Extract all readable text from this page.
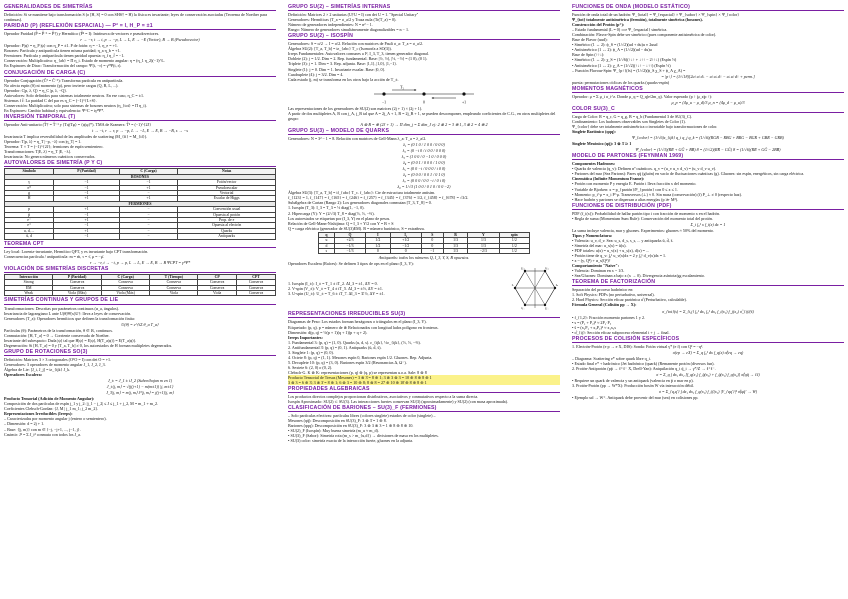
GENERALIDADES DE SIMETRÍAS

Definición: Si se mantiene bajo transformación S (o [H, S] = 0 con SHS† = H) la física es invariante; leyes de conservación asociadas (Teorema de Noether para continuas).

PARIDAD (P) (REFLEXIÓN ESPACIAL) — P² = I, Η_P = ±1

Operador Paridad (P̂ = P̂⁻¹ = P̂†) y Hermítico (P̂² = I): Intrínseca de vectores e pseudovectores.

r → −r, t → t, p → −p, L → L, E → −E (Vector), B → B (Pseudovector)

Operador: P|ψ⟩ = η_P |ψ⟩ con η_P = ±1. P de fotón: η = −1, η_e = +1.

Bosones: Partícula y antipartícula tienen misma paridad; η_a η_b = +1.

Fermiones: Partícula y antipartícula tienen paridad opuesta: η_f η_f̄ = −1.

Conservación: Multiplicativa: η_{ab} = Π η_i. Estado de momento angular: η = (η_1 η_2)(−1)^L.

En Espinores de Dirac: Transformación del campo: Ψ'(t, −r) = γ⁰Ψ(t, r).

CONJUGACIÓN DE CARGA (C)

Operador Conjugación (Ĉ² = Ĉ⁻¹): Transforma partícula en antipartícula.

No afecta espín (S) ni momento (p), pero invierte cargas (Q, B, L, ...).

Operador: C|p, λ, Q⟩ = η_C |p, λ, −Q⟩.

Autovalores: Solo definidos para sistemas totalmente neutros. En ese caso, η_C = ±1.

Sistemas f f̄: La paridad C del par es η_C = (−1)^{L+S}.

Conservación: Multiplicativa; solo para sistemas de bosones neutros (η_{tot} = Π η_i).

En Espinores: Cambio habitual y equivalencia: Ψ^C = iγ²Ψ*.

INVERSIÓN TEMPORAL (T)

Operador Anti-unitario (T̂† = T̂⁻¹ y ⟨Tψ|Tφ⟩ = ⟨ψ|φ⟩*). TMA de Kramers: T̂² = (−1)^{2J}

t → −t, r → r, p → −p, L → −L, E → E, B → −B, s → −s

Invariancia T implica reversibilidad de las amplitudes de scattering (M_{fi} = M_{if}).

Operador: T|p, λ⟩ = η_T |−p, −λ⟩ con |η_T| = 1.

Teorema: T × T = (−1)^{2J}; fermiones de espín semientero.

Transformaciones: T|E, λ⟩ = η_T |E, −λ⟩.

Invariancia: No genera números cuánticos conservados.

AUTOVALORES DE SIMETRÍA (P Y C)
Símbolo	P (Paridad)	C (Carga)	Notas
BOSONES			
γ	−1	−1	Fotón/vector
π⁰	−1	+1	Pseudoescalar
g	−1	−	Vectorial
H	+1	+1	Escalar de Higgs
FERMIONES			
p	+1	−	Convención usual
p̄	−1	−	Opuesta al protón
e⁻	+1	−	Prop. de e
e⁺	−1	−	Opuesta al electrón
u, d, ...	+1	−	Quarks
ū, d̄	−1	−	Antiquarks
TEOREMA CPT

Ley local: Lorentz-invariante, Hermítico QFT, y es invariante bajo CPT transformación.

Consecuencias partícula / antipartícula: m = m̄, τ = τ̄, μ = −μ̄.

r → −r, t → −t, p → p, L → L, E → E, B → B ΨCPT = γ⁵Ψ*

VIOLACIÓN DE SIMETRÍAS DISCRETAS
Interacción	P (Paridad)	C (Carga)	T (Tiempo)	CP	CPT
Strong	Conserva	Conserva	Conserva	Conserva	Conserva
EM	Conserva	Conserva	Conserva	Conserva	Conserva
Weak	Viola (Máx)	Viola (Máx)	Viola	Viola	Conserva
SIMETRÍAS CONTINUAS Y GRUPOS DE LIE

Transformaciones: Descritas por parámetros continuos (α_a, ángulos).

Invariancia de lagrangiano L ante U(θ)Ψ(x)U†: lleva a leyes de conservación.

Generadores (T_a): Operadores hermíticos que definen la transformación finita:

U(θ) = e^{iΣ θ_a T_a}

Partículas (θ): Parámetros de la transformación, θ ∈ ℝ, continuos.

Conmutación: [H, T_a] = 0 → Corriente conservada de Noether.

Invariante del subespacio: Dada |ψ⟩ tal que H|ψ⟩ = E|ψ⟩, H(T_a|ψ⟩) = E(T_a|ψ⟩).

Degeneración: Si [H, T_a] = 0 y [T_a, T_b] ≠ 0, los autoestados de H forman multipletes degenerados.

GRUPO DE ROTACIONES SO(3)

Definición: Matrices 3 × 3 ortogonales (OᵀO = I) con det O = +1.

Generadores: 3 operadores de momento angular J_1, J_2, J_3.

Álgebra de Lie: [J_i, J_j] = iε_{ijk} J_k.

Operadores Escalera:

J_± = J_1 ± iJ_2 (Suben/bajan m en 1)

J_±|j, m⟩ = √(j(j+1) − m(m±1)) |j, m±1⟩

J_3|j, m⟩ = m|j, m⟩ J²|j, m⟩ = j(j+1)|j, m⟩

Producto Tensorial (Adición de Momento Angular):

Composición de dos partículas de espín j_1 y j_2: |j_1 − j_2| ≤ J ≤ j_1 + j_2, M = m_1 + m_2.

Coeficientes Clebsch-Gordan: ⟨J, M | j_1 m_1; j_2 m_2⟩.

Representaciones Irreducibles (Irreps):

– Caracterizadas por momento angular j (entero o semientero).

– Dimensión: d = 2j + 1.

– Base: {|j, m⟩} con m ∈ {−j, −j+1, ..., j−1, j}.

Casimir: J² = Σ J_i² conmuta con todos los J_a.

GRUPO SU(2) – SIMETRÍAS INTERNAS

Definición: Matrices 2 × 2 unitarias (U†U = I) con det U = 1. "Special Unitary"

Generadores: Hermíticas (T_a = σ_a/2 y Traza nula (Tr(T_a) = 0).

Número de generadores independientes: N = n² − 1.

Rango: Número de generadores simultáneamente diagonalizables = n − 1.

GRUPO SU(2) – ISOSPÍN

Generadores: S = σ/2 → I = σ/2. Relación con matrices de Pauli σ_a: T_a = σ_a/2.

Álgebra SU(2): [T_a, T_b] = iε_{abc} T_c (Isomorfa a SO(3)).

Irreps Fundamentales: Autovalores comunes a I², I_3, T_3, tienen generador diagonal.

Doblete (2): j = 1/2. Dim = 2. Rep. fundamental. Base: |½, ½⟩, |½, −½⟩ = (1 0), (0 1).

Triplete (3): j = 1. Dim = 3. Rep. adjunta. Base: |1,1⟩, |1,0⟩, |1,−1⟩.

Singlete (1): j = 0. Dim = 1. Invariante escalar. Base: |0, 0⟩.

Cuadruplete (4): j = 3/2. Dim = 4.

Cada estado (j, m) se transforma en los otros bajo la acción de T_±.

T₃
−1	0	+1

Las representaciones de los generadores de SU(2) son matrices (2j + 1) × (2j + 1).

A partir de dos multipletes A, B con j_A, j_B tal que A = 2j_A + 1, B = 2j_B + 1, se pueden descomponer, empleando coeficientes de C.G., en otros multipletes del grupo:

A ⊗ B = ⊕ (2J + 1) → Π dim_j = Σ dim_J ej: 2 ⊗ 2 = 3 ⊕ 1, 3 ⊗ 2 = 4 ⊕ 2

GRUPO SU(3) – MODELO DE QUARKS

Generadores: N = 3² − 1 = 8. Relación con matrices de Gell-Mann λ_a: T_a = λ_a/2.

λ₁ = (0 1 0 / 1 0 0 / 0 0 0)

λ₂ = (0 −i 0 / i 0 0 / 0 0 0)

λ₃ = (1 0 0 / 0 −1 0 / 0 0 0)

λ₄ = (0 0 1 / 0 0 0 / 1 0 0)

λ₅ = (0 0 −i / 0 0 0 / i 0 0)

λ₆ = (0 0 0 / 0 0 1 / 0 1 0)

λ₇ = (0 0 0 / 0 0 −i / 0 i 0)

λ₈ = 1/√3 (1 0 0 / 0 1 0 / 0 0 −2)

Álgebra SU(3): [T_a, T_b] = if_{abc} T_c. f_{abc}: Cte de estructura totalmente antisim.

f_{123} = 1, f_{147} = f_{165} = f_{246} = f_{257} = f_{345} = f_{376} = 1/2, f_{458} = f_{678} = √3/2.

Subálgebra de Cartan (Rango 2): Los generadores diagonales conmutan [T_3, T_8] = 0.

1. Isospín (T_3): I_3 = T_3 = ½ diag(1, −1, 0).

2. Hipercarga (Y): Y = (2/√3) T_8 = diag(⅓, ⅓, −⅔).

Los autoestados se etiquetan por (I_3, Y) en el plano de pesos.

Relación de Gell-Mann-Nishijima: Q = I_3 + Y/2 con Y = B + S

Q = carga eléctrica (generador de SU(3)EM). B = número bariónico, S = extrañeza.

q	Q	I	I₃	S	B	Y	spin
u	+2/3	1/2	+1/2	0	1/3	1/3	1/2
d	−1/3	1/2	−1/2	0	1/3	1/3	1/2
s	−1/3	0	0	−1	1/3	−2/3	1/2

Antiquarks: todos los números Q, I_3, Y, S, B opuestos.

Operadores Escalera (Raíces): Se definen 3 tipos de ops en el plano (I_3, Y):

1. Isospín (I_±): I_± = T_1 ± iT_2. ΔI_3 = ±1, ΔY = 0.

2. V-spin (V_±): V_± = T_4 ± iT_5. ΔI_3 = ±½, ΔY = ±1.

3. U-spin (U_±): U_± = T_6 ± iT_7. ΔI_3 = ∓½, ΔY = ±1.

U₊	V₊
I₋	I₊
V₋	U₋
REPRESENTACIONES IRREDUCIBLES SU(3)

Diagramas de Peso: Los estados forman hexágonos o triángulos en el plano (I_3, Y).

Etiquetado: (p, q). p = número de ⊗ Relacionados con longitud lados polígono en fronteras.

Dimensión: d(p, q) = ½(p + 1)(q + 1)(p + q + 2).

Irreps Importantes:

1. Fundamental 3: (p, q) = (1, 0). Quarks (u, d, s). ε_{ijk}, ½ε_{ijk}, (⅓, ⅓, −⅔).

2. Antifundamental 3̄: (p, q) = (0, 1). Antiquarks (ū, d̄, s̄).

3. Singlete 1: (p, q) = (0, 0).

4. Octete 8: (p, q) = (1, 1). Mesones espín 0, Bariones espín 1/2. Gluones. Rep. Adjunta.

5. Decuplete 10: (p, q) = (3, 0). Bariones espín 3/2 (Resonancias Δ, Ω⁻).

6. Sextete 6: (2, 0) o (0, 2).

Clebsch-G. K ⊗ K: representaciones (p, q) ⊗ (q, p) se representan u.o.a. Sale: 8 ⊗ 8

Producto Tensorial de Tresas (Mesones) = 3 ⊗ 3̄ = 8 ⊕ 1; 3 ⊗ 3 ⊗ 3 = 10 ⊕ 8 ⊕ 8 ⊕ 1

3 ⊗ 3 = 6 ⊕ 3̄; 3 ⊗ 3̄ = 8 ⊕ 1; 6 ⊗ 3 = 10 ⊕ 8; 8 ⊗ 8 = 27 ⊕ 10 ⊕ 10̄ ⊕ 8 ⊕ 8 ⊕ 1

PROPIEDADES ALGEBRAICAS

Los productos directos complejos proporcionan distributivos, asociativos y conmutativos respecto a la suma directa.

Isospín Aproximado: SU(2) ⊂ SU(3). Las interacciones fuertes conservan SU(3) (aproximadamente) y SU(2) (con masa aproximada).

CLASIFICACIÓN DE BARIONES – SU(3)_F (FERMIONES)

– Solo partículas efectivas: partículas libres (colores singlete) estados de color (singlete) –

Mesones (qq̄): Descomposición en SU(3)_F: 3 ⊗ 3̄ = 1 ⊕ 8.

Bariones (qqq): Descomposición en SU(3)_F: 3 ⊗ 3 ⊗ 3 = 1 ⊕ 8 ⊕ 8 ⊕ 10.

• SU(2)_F (Isospín): Muy buena simetría (m_u ≈ m_d).

• SU(3)_F (Sabor): Simetría rota (m_s > m_{u,d}) → divisiones de masa en los multipletes.

• SU(3) color: simetría exacta de la interacción fuerte, gluones en la adjunta.

FUNCIONES DE ONDA (MODELO ESTÁTICO)

Función de onda total de un hadrón: Ψ_{total} = Ψ_{espacial} × Ψ_{sabor} × Ψ_{spin} × Ψ_{color}

Ψ_{tot} totalmente antisimétrica (fermión), totalmente simétrica (bosones).

Construcción del Protón (p⁺):

– Estado fundamental (L = 0) ⟹ Ψ_{espacial} simétrica.

Combinación: Flavor-Spin debe ser simétrico (pues componente antisimétrica de color).

Base de Flavor (uud):

• Simétrico (1 ↔ 2): ϕ_S = (1/√2)(ud + du)u ≡ 2uud

• Antisimétrico (1 ↔ 2): ϕ_A = (1/√2)(ud − du)u

Base de Spin (↑↑↓):

• Simétrico (1 ↔ 2): χ_S = (1/√6)(↑↓↑ + ↓↑↑ − 2↑↑↓) (Espín ½)

• Antisimétrico (1 ↔ 2): χ_A = (1/√2)(↑↓↑ − ↓↑↑) (Espín ½)

– Función Flavour-Spin: Ψ_{p↑}(fs) = (1/√2)(ϕ_S χ_S + ϕ_A χ_A) =

= |p↑⟩ = (1/√18)[2u↑u↑d↓ − u↑u↓d↑ − u↓u↑d↑ + perm.]

puesta: permutaciones cíclicas de los quarks (quarks-espín)

MOMENTOS MAGNÉTICOS

Operador: μ = Σ μ_i σ_i^z. Donde μ_q = Q_q(e/2m_q). Valor esperado (p ↑ |μ_z|p ↑):

μ_p = (4μ_u − μ_d)/3 μ_n = (4μ_d − μ_u)/3

COLOR SU(3)_C

Carga de Color: R = q_r, G = q_g, B = q_b (Fundamental 3 de SU(3)_C).

Confinamiento: Los hadrones observables son Singletes de Color (1).

Ψ_{color} debe ser totalmente antisimétrica o invariable bajo transformaciones de color.

Singlete Bariónico (qqq):

Ψ_{color} = (1/√6)ε_{ijk} q_i q_j q_k = (1/√6)(RGB − RBG + BRG − BGR + GBR − GRB)

Singlete Mesónico (qq̄): 3 ⊗ 3̄ ⊃ 1

Ψ_{color} = (1/√3)(RR̄ + GḠ + BB̄) 8 = (1/√2)(RR̄ − GḠ) 8 = (1/√6)(RR̄ + GḠ − 2BB̄)

MODELO DE PARTONES (FEYNMAN 1969)

Componentes Hadrones:

• Quarks de valencia (q_v): Definen nº cuánticos. q_v = (u_v u_v d_v) = (u_v d_v u_v).

• Partones del mar (Sea Partons): Pares qq̄ (gluón) en vacío de fluctuaciones cuánticas (g). Gluones: sin espín, energéticos, sin carga eléctrica.

Cinemática (Infinite Momentum Frame):

• Protón con momento P y energía E. Partón i lleva fracción x del momento.

• Variable de Bjorken: x = p_{partón}/P_{protón} con 0 ≤ x ≤ 1.

• Momento: p_i^μ = x_i P^μ. Transversos (⊥) ≈ 0. Sin masa (conservación) (f) P_⊥ ≠ 0 (respecto haz).

• Hace hadrón y partones se dispersan a altas energías (p ≫ M²).

FUNCIONES DE DISTRIBUCIÓN (PDF)

PDF (f_i(x)): Probabilidad de hallar partón tipo i con fracción de momento x en el hadrón.

• Regla de suma (Momentum Sum Rule): Conservación del momento total del protón.

Σ_i ∫₀¹ x f_i(x) dx = 1

La suma incluye valencia, mar y gluones. Experimentos: gluones ≈ 50% del momento.

Tipos y Nomenclatura:

• Valencia: u_v, d_v. Sea: u_s, d_s, s_s, ... y antiquarks ū, d̄, s̄.

• Simetría del mar: u_s(x) = ū(x).

• PDF totales: u(x) = u_v(x) + u_s(x), d(x) = ...

• Protón tiene de q_v: ∫₀¹ u_v(x)dx = 2 y ∫₀¹ d_v(x)dx = 1.

• x ~ (y, Q²) + α_s(Q²)?

Comportamiento "Naive":

• Valencia: Dominan en x ~ 1/3.

• Sea/Gluones: Dominan a bajo x (x → 0). Divergencia asíntota/gg escalamiento.

TEOREMA DE FACTORIZACIÓN

Separación del proceso hadrónico en:

1. Soft Physics: PDFs (no perturbativo, universal).

2. Hard Physics: Sección eficaz partónica σ̂ (Perturbativo, calculable).

Fórmula General (Colisión pp → X):

σ_{tot}(s) = Σ_{i,j} ∫₀¹ dx₁ ∫₀¹ dx₂ f_i(x₁) f_j(x₂) σ̂_{ij}(ŝ)

• f_{1,2}: Fracción momento partones 1 y 2.

• s = (P₁ + P₂)² ≈ 2P₁·P₂

• ŝ = (x₁P₁ + x₂P₂)² ≈ x₁x₂s

• σ̂_{ij}: Sección eficaz subproceso elemental i + j → final.

PROCESOS DE COLISIÓN ESPECÍFICOS

1. Electrón-Protón (e p → e X, DIS): Sonda: Fotón virtual γ* (e f) con Q² = −q².

σ(ep → eX) = Σ_q ∫₀¹ dx f_q(x) σ̂(eq → eq)

– Diagrama: Scattering e* sobre quark libre q_i.

• Estado final e* + hadrónico (Jet hadrónico (quark) (Remanente protón (diversos fun).

2. Protón-Antiprotón (pp̄ → ℓ⁺ℓ⁻ X, Drell-Yan): Aniquilación q_i q̄_i → γ*/Z → ℓ⁺ℓ⁻.

σ = Σ_q ∫ dx₁ dx₂ [f_q(x₁) f_q̄(x₂) + f_q̄(x₁) f_q(x₂)] σ̂(qq̄ → ℓℓ)

• Requiere un quark de valencia y un antiquark (valencia en p̄ o mar en p).

3. Protón-Protón (pp → W*X): Producción bosón W vía interacción débil.

σ = Σ_{q,q'} ∫ dx₁ dx₂ f_q(x₁) f_q̄'(x₂) |V_{qq'}|² σ̂(qq̄' → W)

• Ejemplo ud → W⁺. Antiquark debe provenir del mar (sea) en colisiones pp.
